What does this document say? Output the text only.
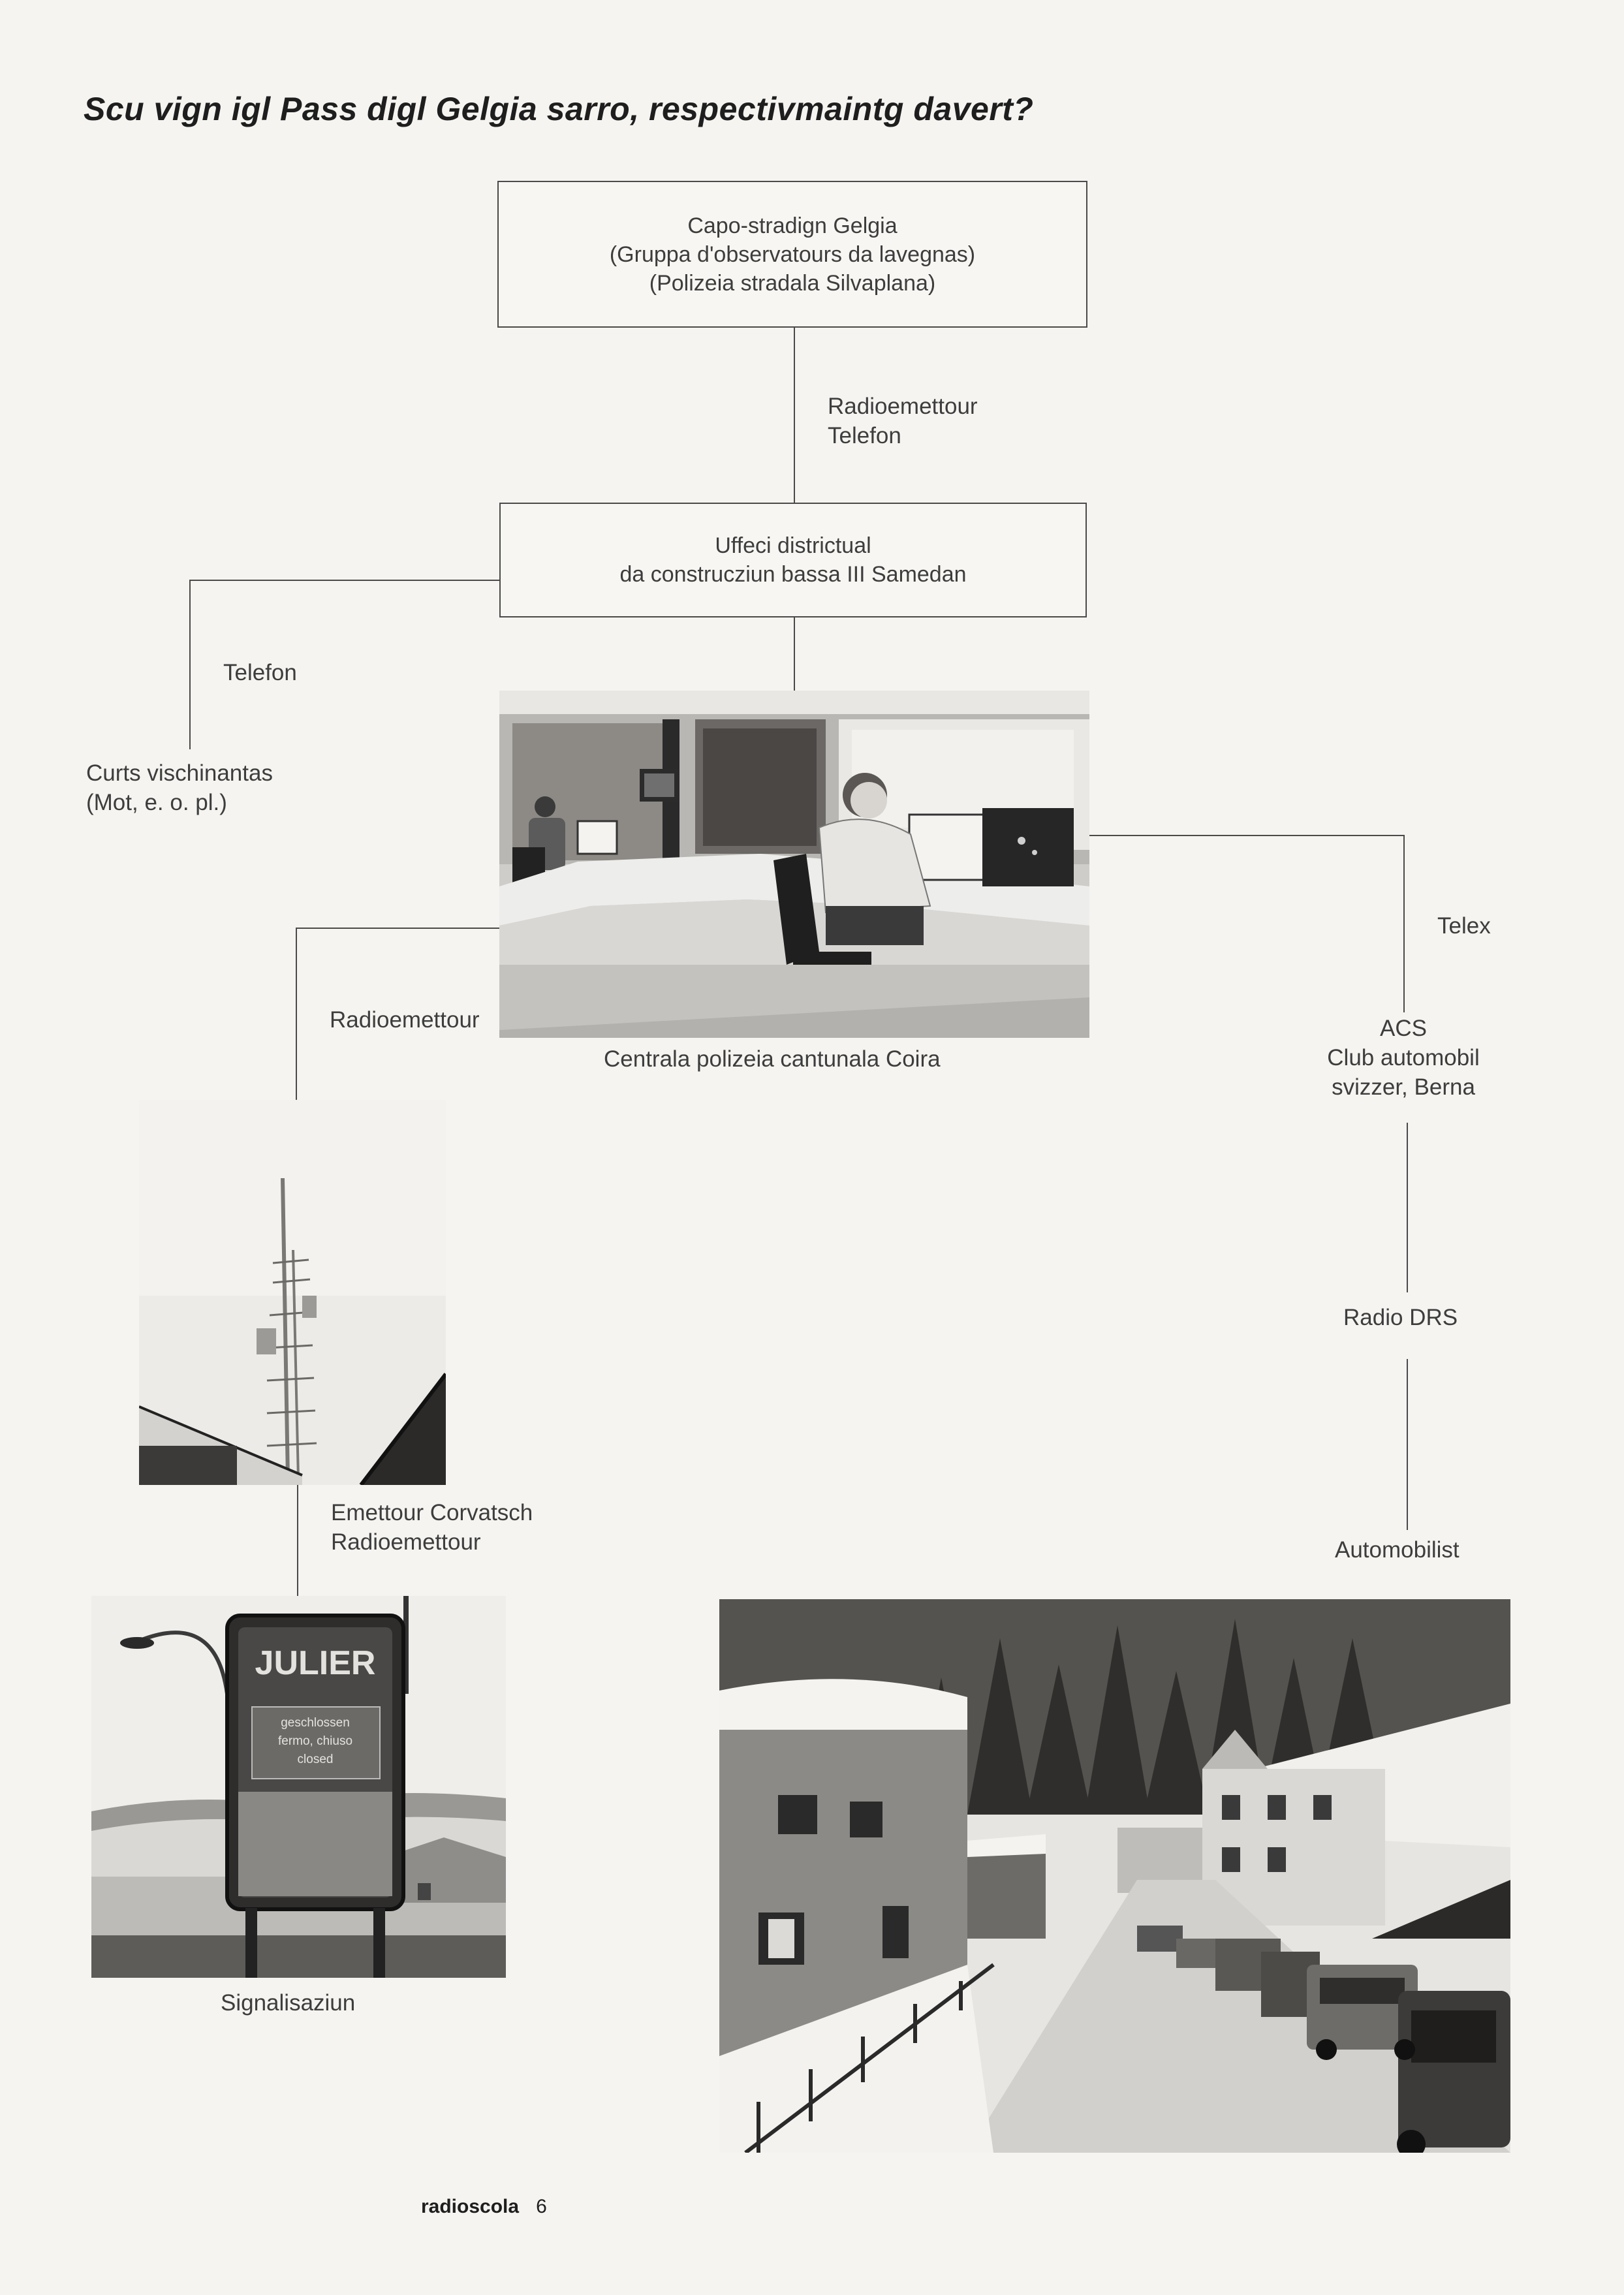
Scu vign igl Pass digl Gelgia sarro, respectivmaintg davert?
Capo-stradign Gelgia
(Gruppa d'observatours da lavegnas)
(Polizeia stradala Silvaplana)
Radioemettour
Telefon
Uffeci districtual
da construcziun bassa III Samedan
Telefon
Curts vischinantas
(Mot, e. o. pl.)
Centrala polizeia cantunala Coira
Telex
ACS
Club automobil
svizzer, Berna
Radio DRS
Automobilist
Radioemettour
Emettour Corvatsch
Radioemettour
JULIER
geschlossen
fermo, chiuso
closed
Signalisaziun
radioscola 6
